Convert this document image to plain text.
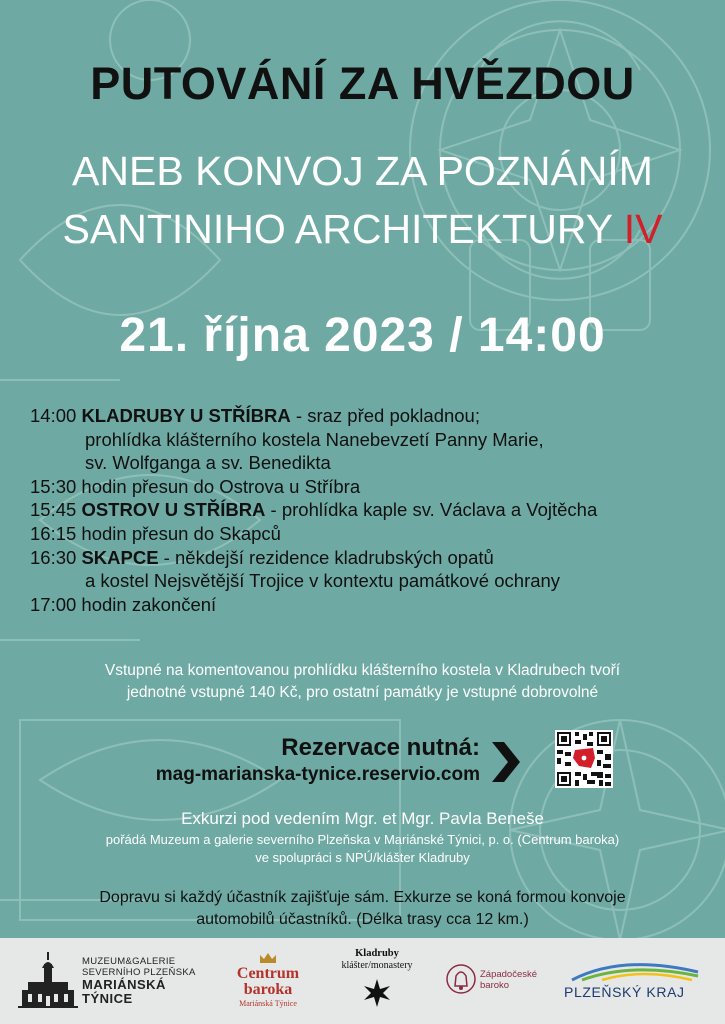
PUTOVÁNÍ ZA HVĚZDOU
ANEB KONVOJ ZA POZNÁNÍM
SANTINIHO ARCHITEKTURY IV
21. října 2023 / 14:00
14:00 KLADRUBY U STŘÍBRA - sraz před pokladnou;
prohlídka klášterního kostela Nanebevzetí Panny Marie,
sv. Wolfganga a sv. Benedikta
15:30 hodin přesun do Ostrova u Stříbra
15:45 OSTROV U STŘÍBRA - prohlídka kaple sv. Václava a Vojtěcha
16:15 hodin přesun do Skapců
16:30 SKAPCE - někdejší rezidence kladrubských opatů
a kostel Nejsvětější Trojice v kontextu památkové ochrany
17:00 hodin zakončení
Vstupné na komentovanou prohlídku klášterního kostela v Kladrubech tvoří
jednotné vstupné 140 Kč, pro ostatní památky je vstupné dobrovolné
Rezervace nutná:
mag-marianska-tynice.reservio.com
Exkurzi pod vedením Mgr. et Mgr. Pavla Beneše
pořádá Muzeum a galerie severního Plzeňska v Mariánské Týnici, p. o. (Centrum baroka)
ve spolupráci s NPÚ/klášter Kladruby
Dopravu si každý účastník zajišťuje sám. Exkurze se koná formou konvoje
automobilů účastníků. (Délka trasy cca 12 km.)
MUZEUM&GALERIE
SEVERNÍHO PLZEŇSKA
MARIÁNSKÁ
TÝNICE
Centrum
baroka
Mariánská Týnice
Kladruby
klášter/monastery
Západočeské
baroko	PLZEŇSKÝ KRAJ
